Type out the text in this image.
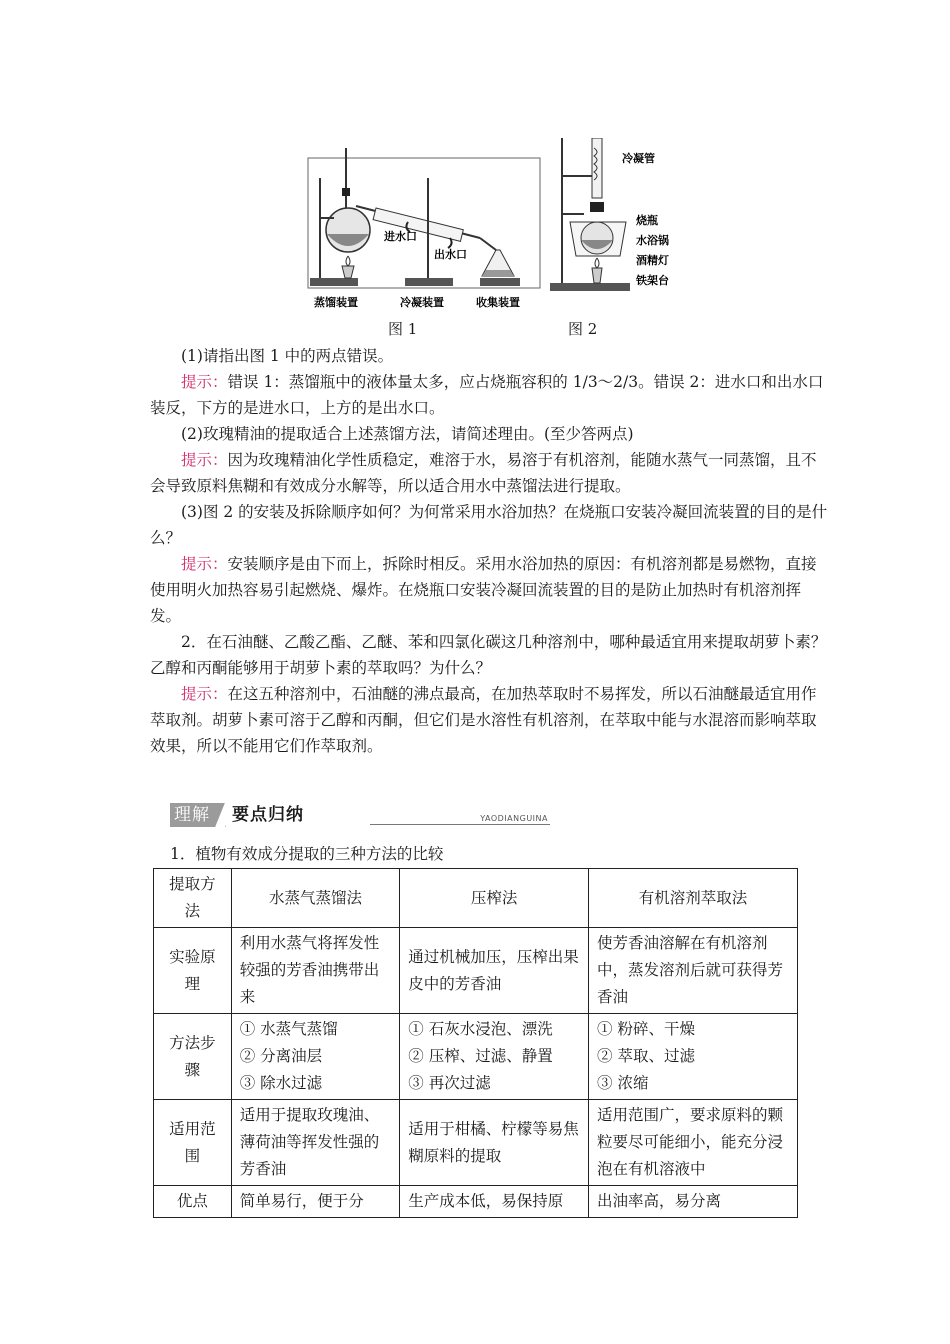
进水口
出水口
蒸馏装置	冷凝装置	收集装置
冷凝管
烧瓶
水浴锅
酒精灯
铁架台
图 1	图 2

(1)请指出图 1 中的两点错误。

提示：错误 1：蒸馏瓶中的液体量太多，应占烧瓶容积的 1/3～2/3。错误 2：进水口和出水口装反，下方的是进水口，上方的是出水口。

(2)玫瑰精油的提取适合上述蒸馏方法，请简述理由。(至少答两点)

提示：因为玫瑰精油化学性质稳定，难溶于水，易溶于有机溶剂，能随水蒸气一同蒸馏，且不会导致原料焦糊和有效成分水解等，所以适合用水中蒸馏法进行提取。

(3)图 2 的安装及拆除顺序如何？为何常采用水浴加热？在烧瓶口安装冷凝回流装置的目的是什么？

提示：安装顺序是由下而上，拆除时相反。采用水浴加热的原因：有机溶剂都是易燃物，直接使用明火加热容易引起燃烧、爆炸。在烧瓶口安装冷凝回流装置的目的是防止加热时有机溶剂挥发。

2．在石油醚、乙酸乙酯、乙醚、苯和四氯化碳这几种溶剂中，哪种最适宜用来提取胡萝卜素？乙醇和丙酮能够用于胡萝卜素的萃取吗？为什么？

提示：在这五种溶剂中，石油醚的沸点最高，在加热萃取时不易挥发，所以石油醚最适宜用作萃取剂。胡萝卜素可溶于乙醇和丙酮，但它们是水溶性有机溶剂，在萃取中能与水混溶而影响萃取效果，所以不能用它们作萃取剂。

理解	要点归纳	YAODIANGUINA
1．植物有效成分提取的三种方法的比较
提取方法	水蒸气蒸馏法	压榨法	有机溶剂萃取法
实验原理	利用水蒸气将挥发性较强的芳香油携带出来	通过机械加压，压榨出果皮中的芳香油	使芳香油溶解在有机溶剂中，蒸发溶剂后就可获得芳香油
方法步骤	① 水蒸气蒸馏
② 分离油层
③ 除水过滤	① 石灰水浸泡、漂洗
② 压榨、过滤、静置
③ 再次过滤	① 粉碎、干燥
② 萃取、过滤
③ 浓缩
适用范围	适用于提取玫瑰油、薄荷油等挥发性强的芳香油	适用于柑橘、柠檬等易焦糊原料的提取	适用范围广，要求原料的颗粒要尽可能细小，能充分浸泡在有机溶液中
优点	简单易行，便于分	生产成本低，易保持原	出油率高，易分离
